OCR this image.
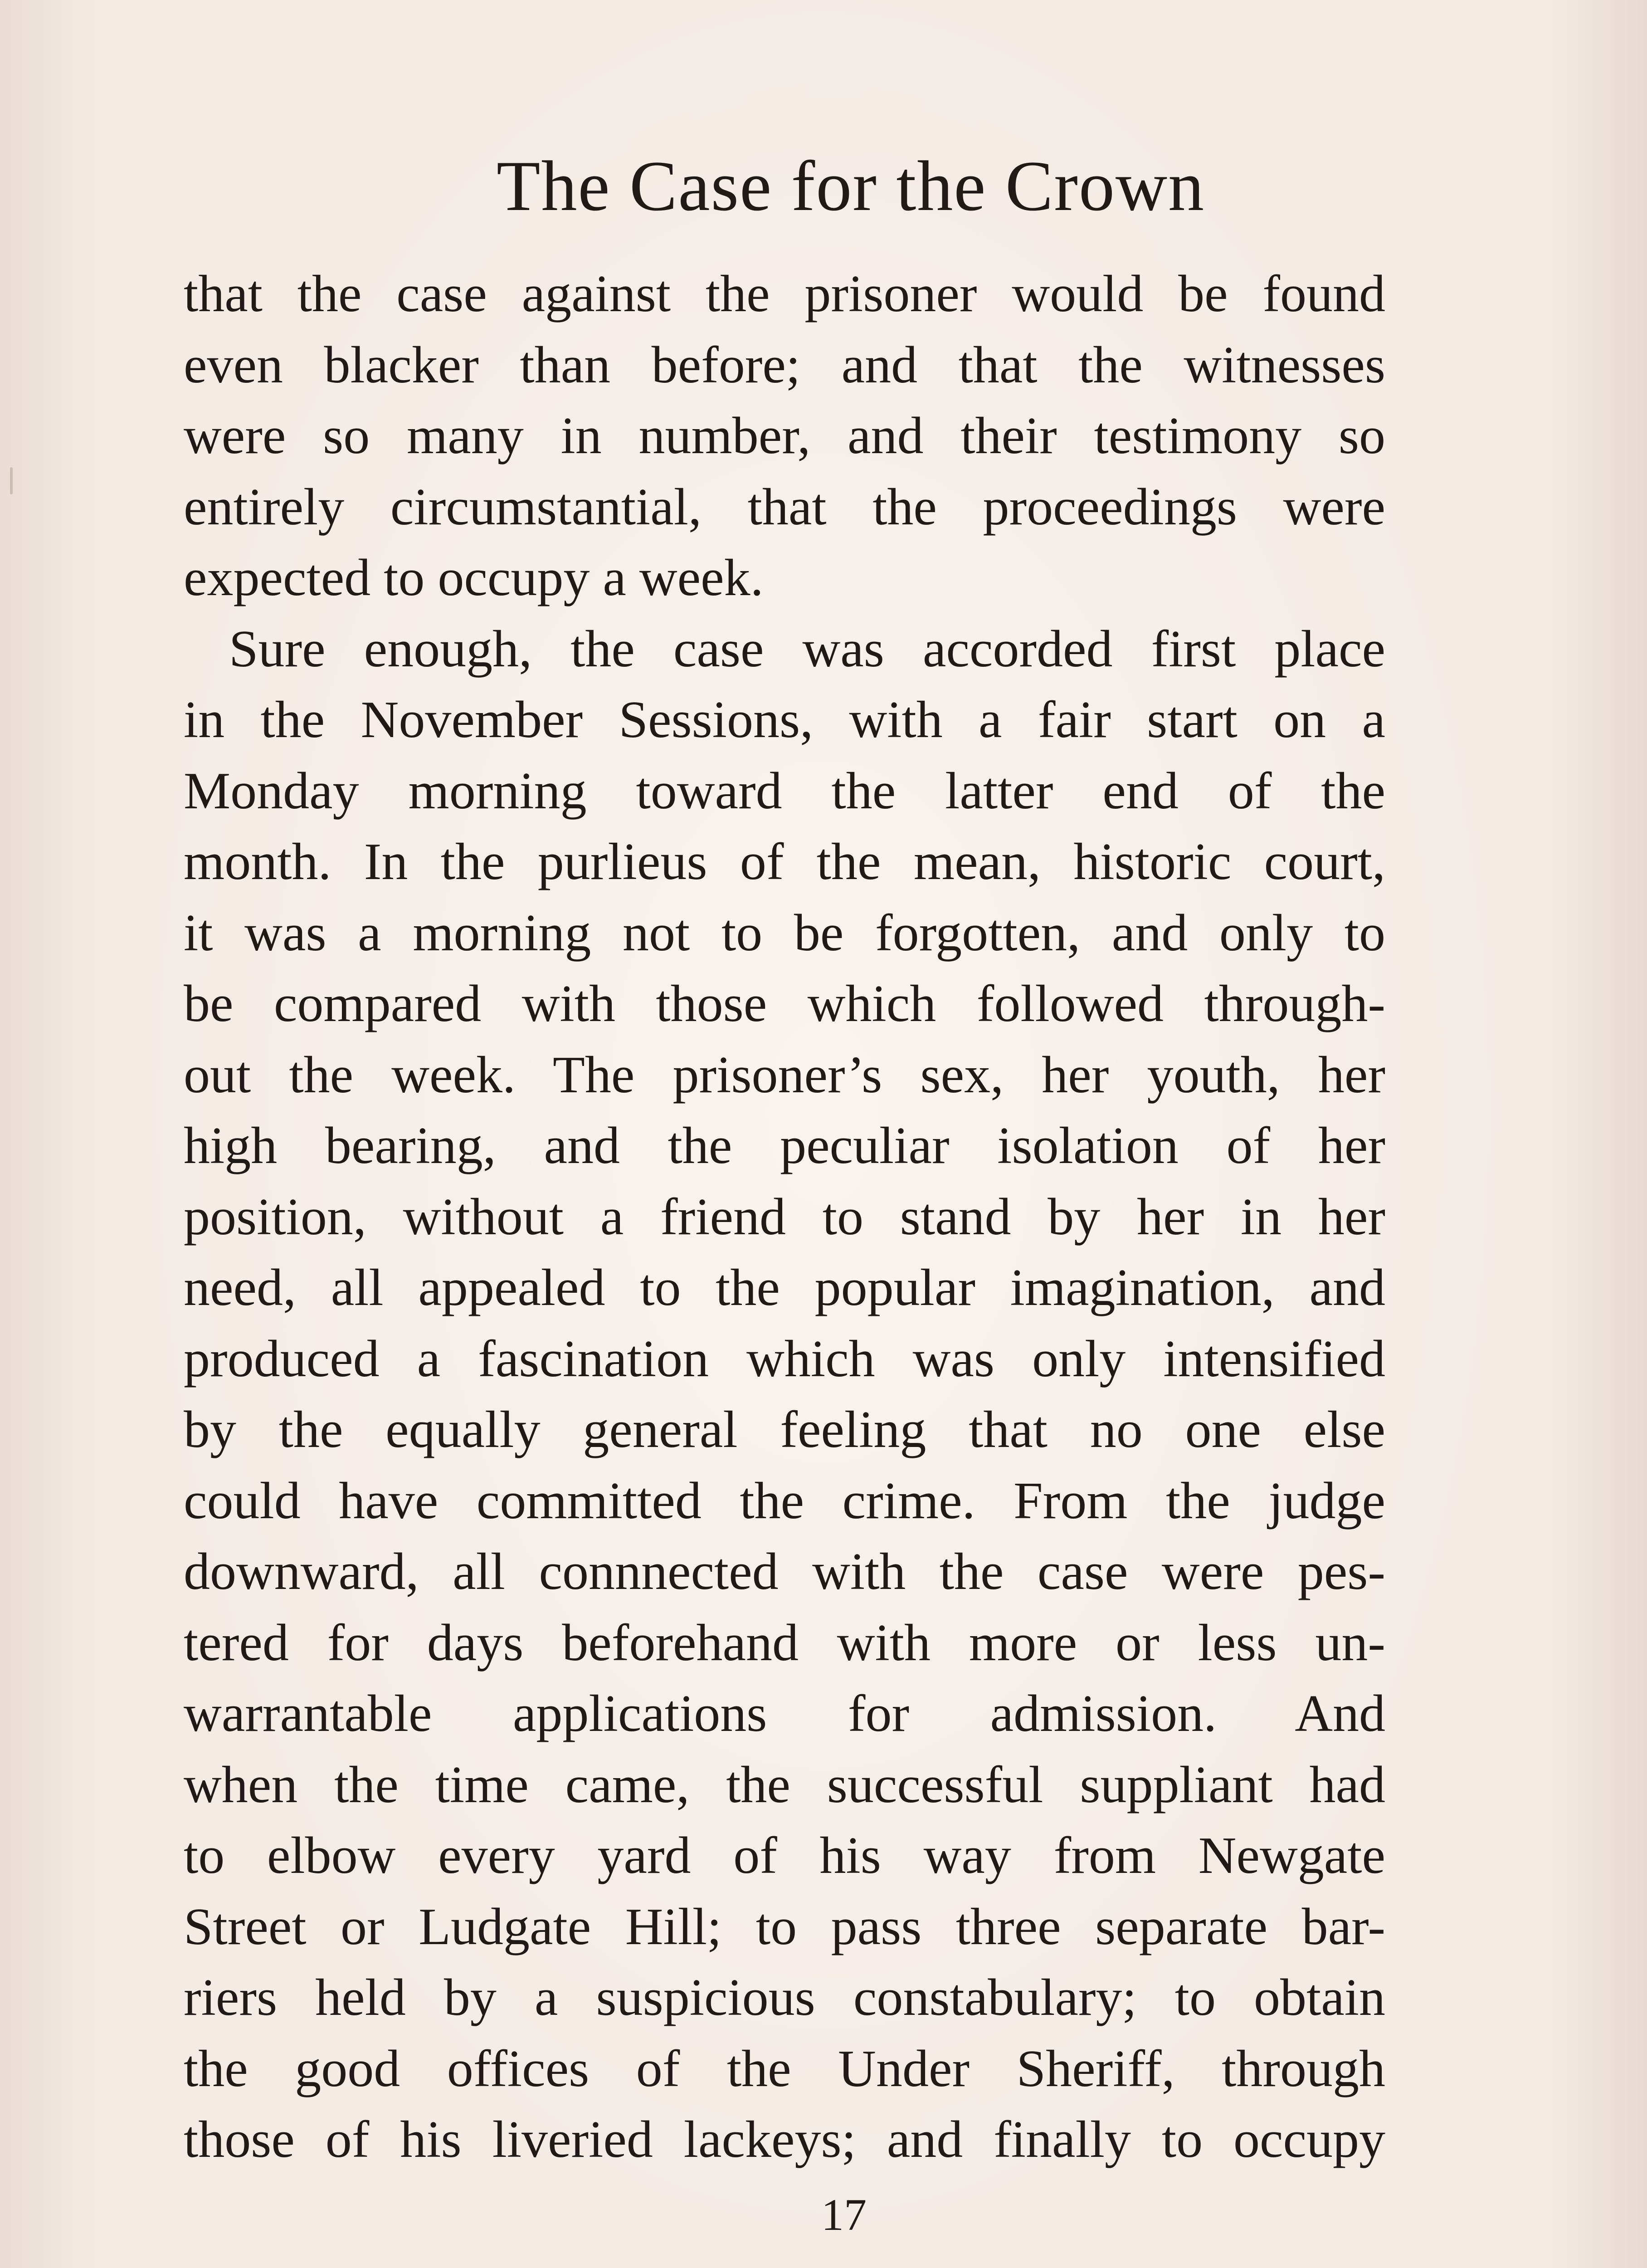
The Case for the Crown
that the case against the prisoner would be found
even blacker than before; and that the witnesses
were so many in number, and their testimony so
entirely circumstantial, that the proceedings were
expected to occupy a week.
Sure enough, the case was accorded first place
in the November Sessions, with a fair start on a
Monday morning toward the latter end of the
month. In the purlieus of the mean, historic court,
it was a morning not to be forgotten, and only to
be compared with those which followed through-
out the week. The prisoner’s sex, her youth, her
high bearing, and the peculiar isolation of her
position, without a friend to stand by her in her
need, all appealed to the popular imagination, and
produced a fascination which was only intensified
by the equally general feeling that no one else
could have committed the crime. From the judge
downward, all connnected with the case were pes-
tered for days beforehand with more or less un-
warrantable applications for admission. And
when the time came, the successful suppliant had
to elbow every yard of his way from Newgate
Street or Ludgate Hill; to pass three separate bar-
riers held by a suspicious constabulary; to obtain
the good offices of the Under Sheriff, through
those of his liveried lackeys; and finally to occupy
17
